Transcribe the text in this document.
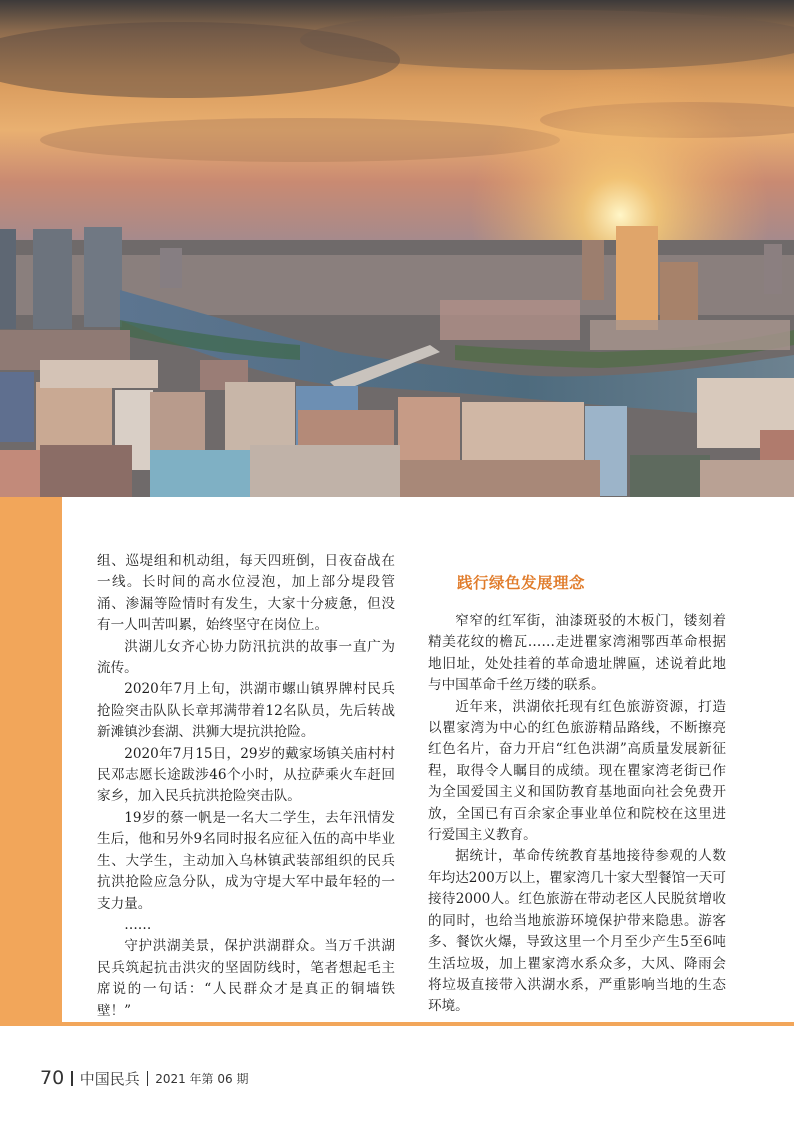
组、巡堤组和机动组，每天四班倒，日夜奋战在一线。长时间的高水位浸泡，加上部分堤段管涌、渗漏等险情时有发生，大家十分疲惫，但没有一人叫苦叫累，始终坚守在岗位上。

洪湖儿女齐心协力防汛抗洪的故事一直广为流传。

2020年7月上旬，洪湖市螺山镇界牌村民兵抢险突击队队长章邦满带着12名队员，先后转战新滩镇沙套湖、洪狮大堤抗洪抢险。

2020年7月15日，29岁的戴家场镇关庙村村民邓志愿长途跋涉46个小时，从拉萨乘火车赶回家乡，加入民兵抗洪抢险突击队。

19岁的蔡一帆是一名大二学生，去年汛情发生后，他和另外9名同时报名应征入伍的高中毕业生、大学生，主动加入乌林镇武装部组织的民兵抗洪抢险应急分队，成为守堤大军中最年轻的一支力量。

……

守护洪湖美景，保护洪湖群众。当万千洪湖民兵筑起抗击洪灾的坚固防线时，笔者想起毛主席说的一句话：“人民群众才是真正的铜墙铁壁！”

践行绿色发展理念

窄窄的红军街，油漆斑驳的木板门，镂刻着精美花纹的檐瓦……走进瞿家湾湘鄂西革命根据地旧址，处处挂着的革命遗址牌匾，述说着此地与中国革命千丝万缕的联系。

近年来，洪湖依托现有红色旅游资源，打造以瞿家湾为中心的红色旅游精品路线，不断擦亮红色名片，奋力开启“红色洪湖”高质量发展新征程，取得令人瞩目的成绩。现在瞿家湾老街已作为全国爱国主义和国防教育基地面向社会免费开放，全国已有百余家企事业单位和院校在这里进行爱国主义教育。

据统计，革命传统教育基地接待参观的人数年均达200万以上，瞿家湾几十家大型餐馆一天可接待2000人。红色旅游在带动老区人民脱贫增收的同时，也给当地旅游环境保护带来隐患。游客多、餐饮火爆，导致这里一个月至少产生5至6吨生活垃圾，加上瞿家湾水系众多，大风、降雨会将垃圾直接带入洪湖水系，严重影响当地的生态环境。

70 中国民兵 2021 年第 06 期
